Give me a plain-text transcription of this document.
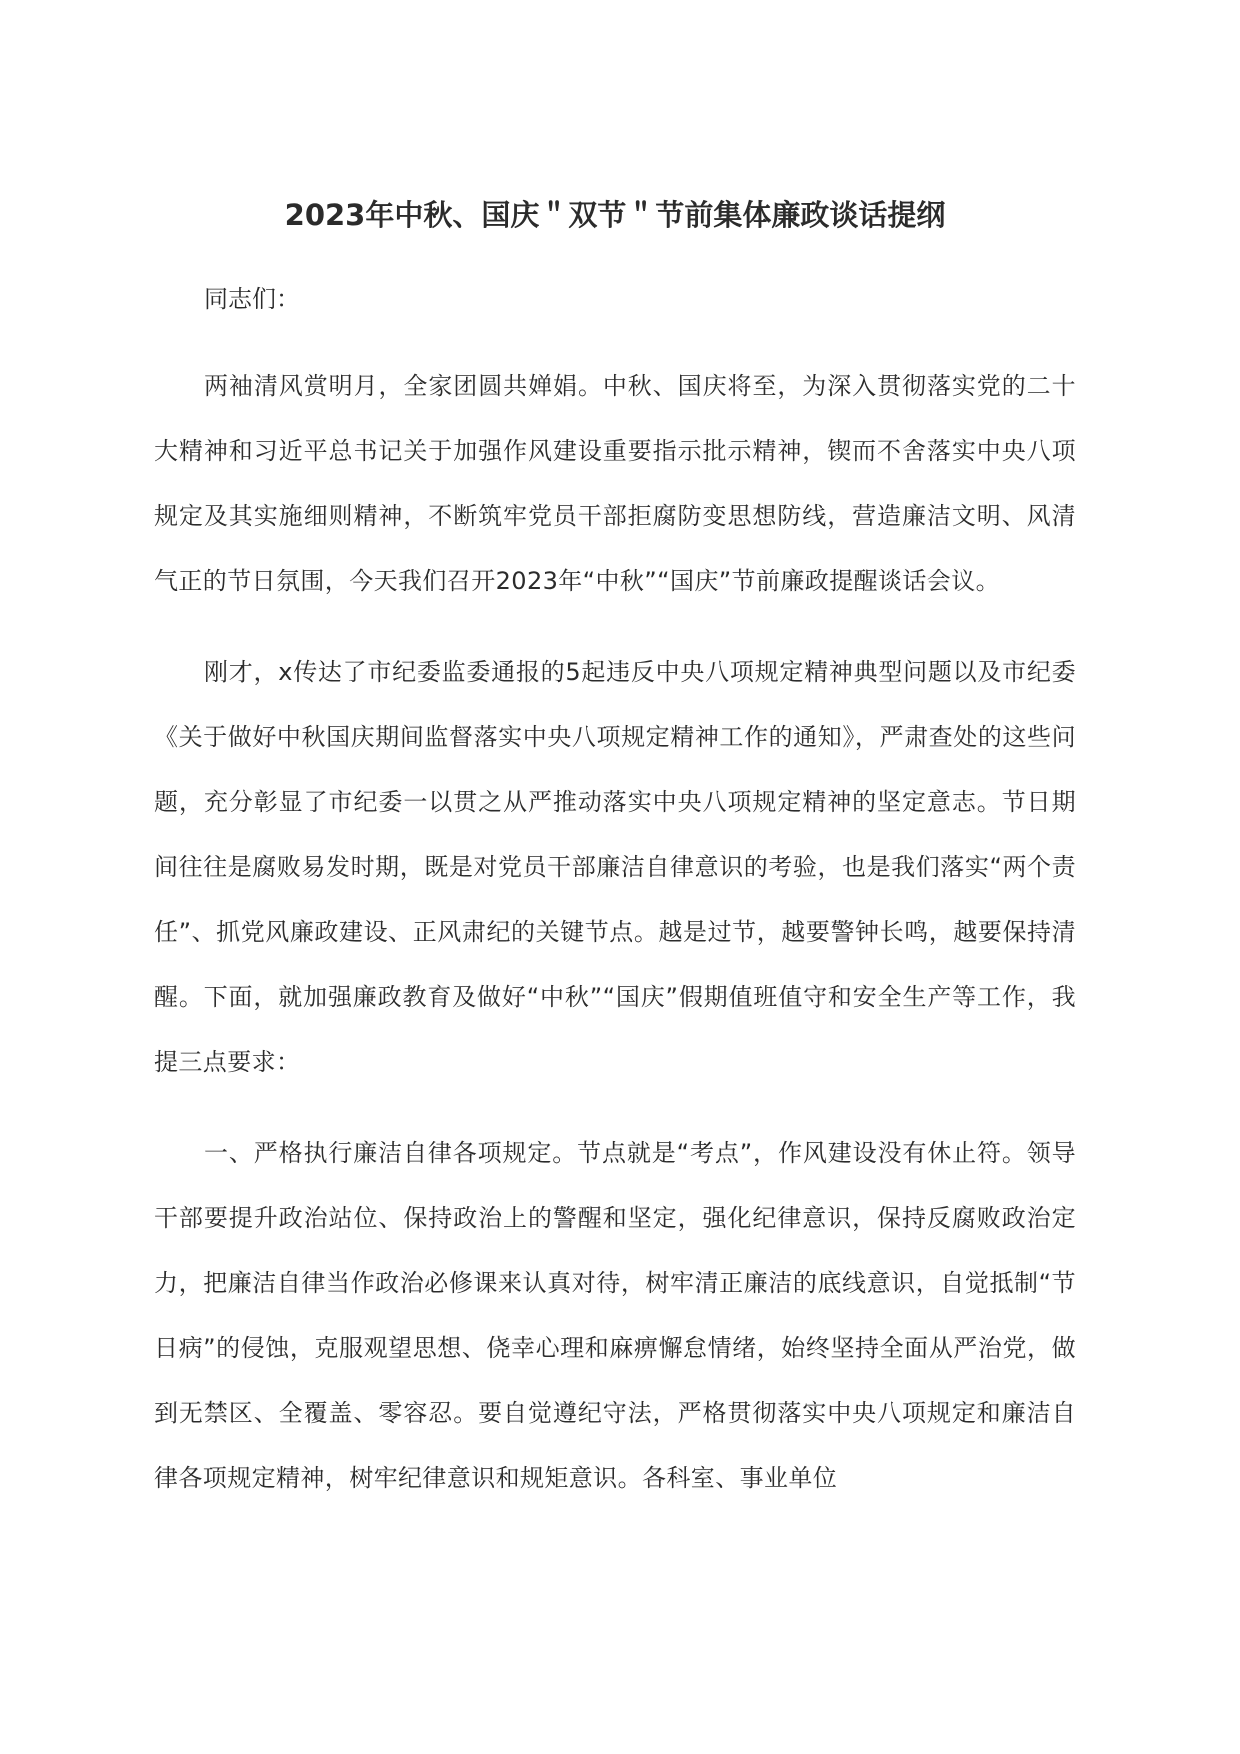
2023年中秋、国庆＂双节＂节前集体廉政谈话提纲

同志们：

两袖清风赏明月，全家团圆共婵娟。中秋、国庆将至，为深入贯彻落实党的二十大精神和习近平总书记关于加强作风建设重要指示批示精神，锲而不舍落实中央八项规定及其实施细则精神，不断筑牢党员干部拒腐防变思想防线，营造廉洁文明、风清气正的节日氛围，今天我们召开2023年“中秋”“国庆”节前廉政提醒谈话会议。

刚才，x传达了市纪委监委通报的5起违反中央八项规定精神典型问题以及市纪委《关于做好中秋国庆期间监督落实中央八项规定精神工作的通知》，严肃查处的这些问题，充分彰显了市纪委一以贯之从严推动落实中央八项规定精神的坚定意志。节日期间往往是腐败易发时期，既是对党员干部廉洁自律意识的考验，也是我们落实“两个责任”、抓党风廉政建设、正风肃纪的关键节点。越是过节，越要警钟长鸣，越要保持清醒。下面，就加强廉政教育及做好“中秋”“国庆”假期值班值守和安全生产等工作，我提三点要求：

一、严格执行廉洁自律各项规定。节点就是“考点”，作风建设没有休止符。领导干部要提升政治站位、保持政治上的警醒和坚定，强化纪律意识，保持反腐败政治定力，把廉洁自律当作政治必修课来认真对待，树牢清正廉洁的底线意识，自觉抵制“节日病”的侵蚀，克服观望思想、侥幸心理和麻痹懈怠情绪，始终坚持全面从严治党，做到无禁区、全覆盖、零容忍。要自觉遵纪守法，严格贯彻落实中央八项规定和廉洁自律各项规定精神，树牢纪律意识和规矩意识。各科室、事业单位
